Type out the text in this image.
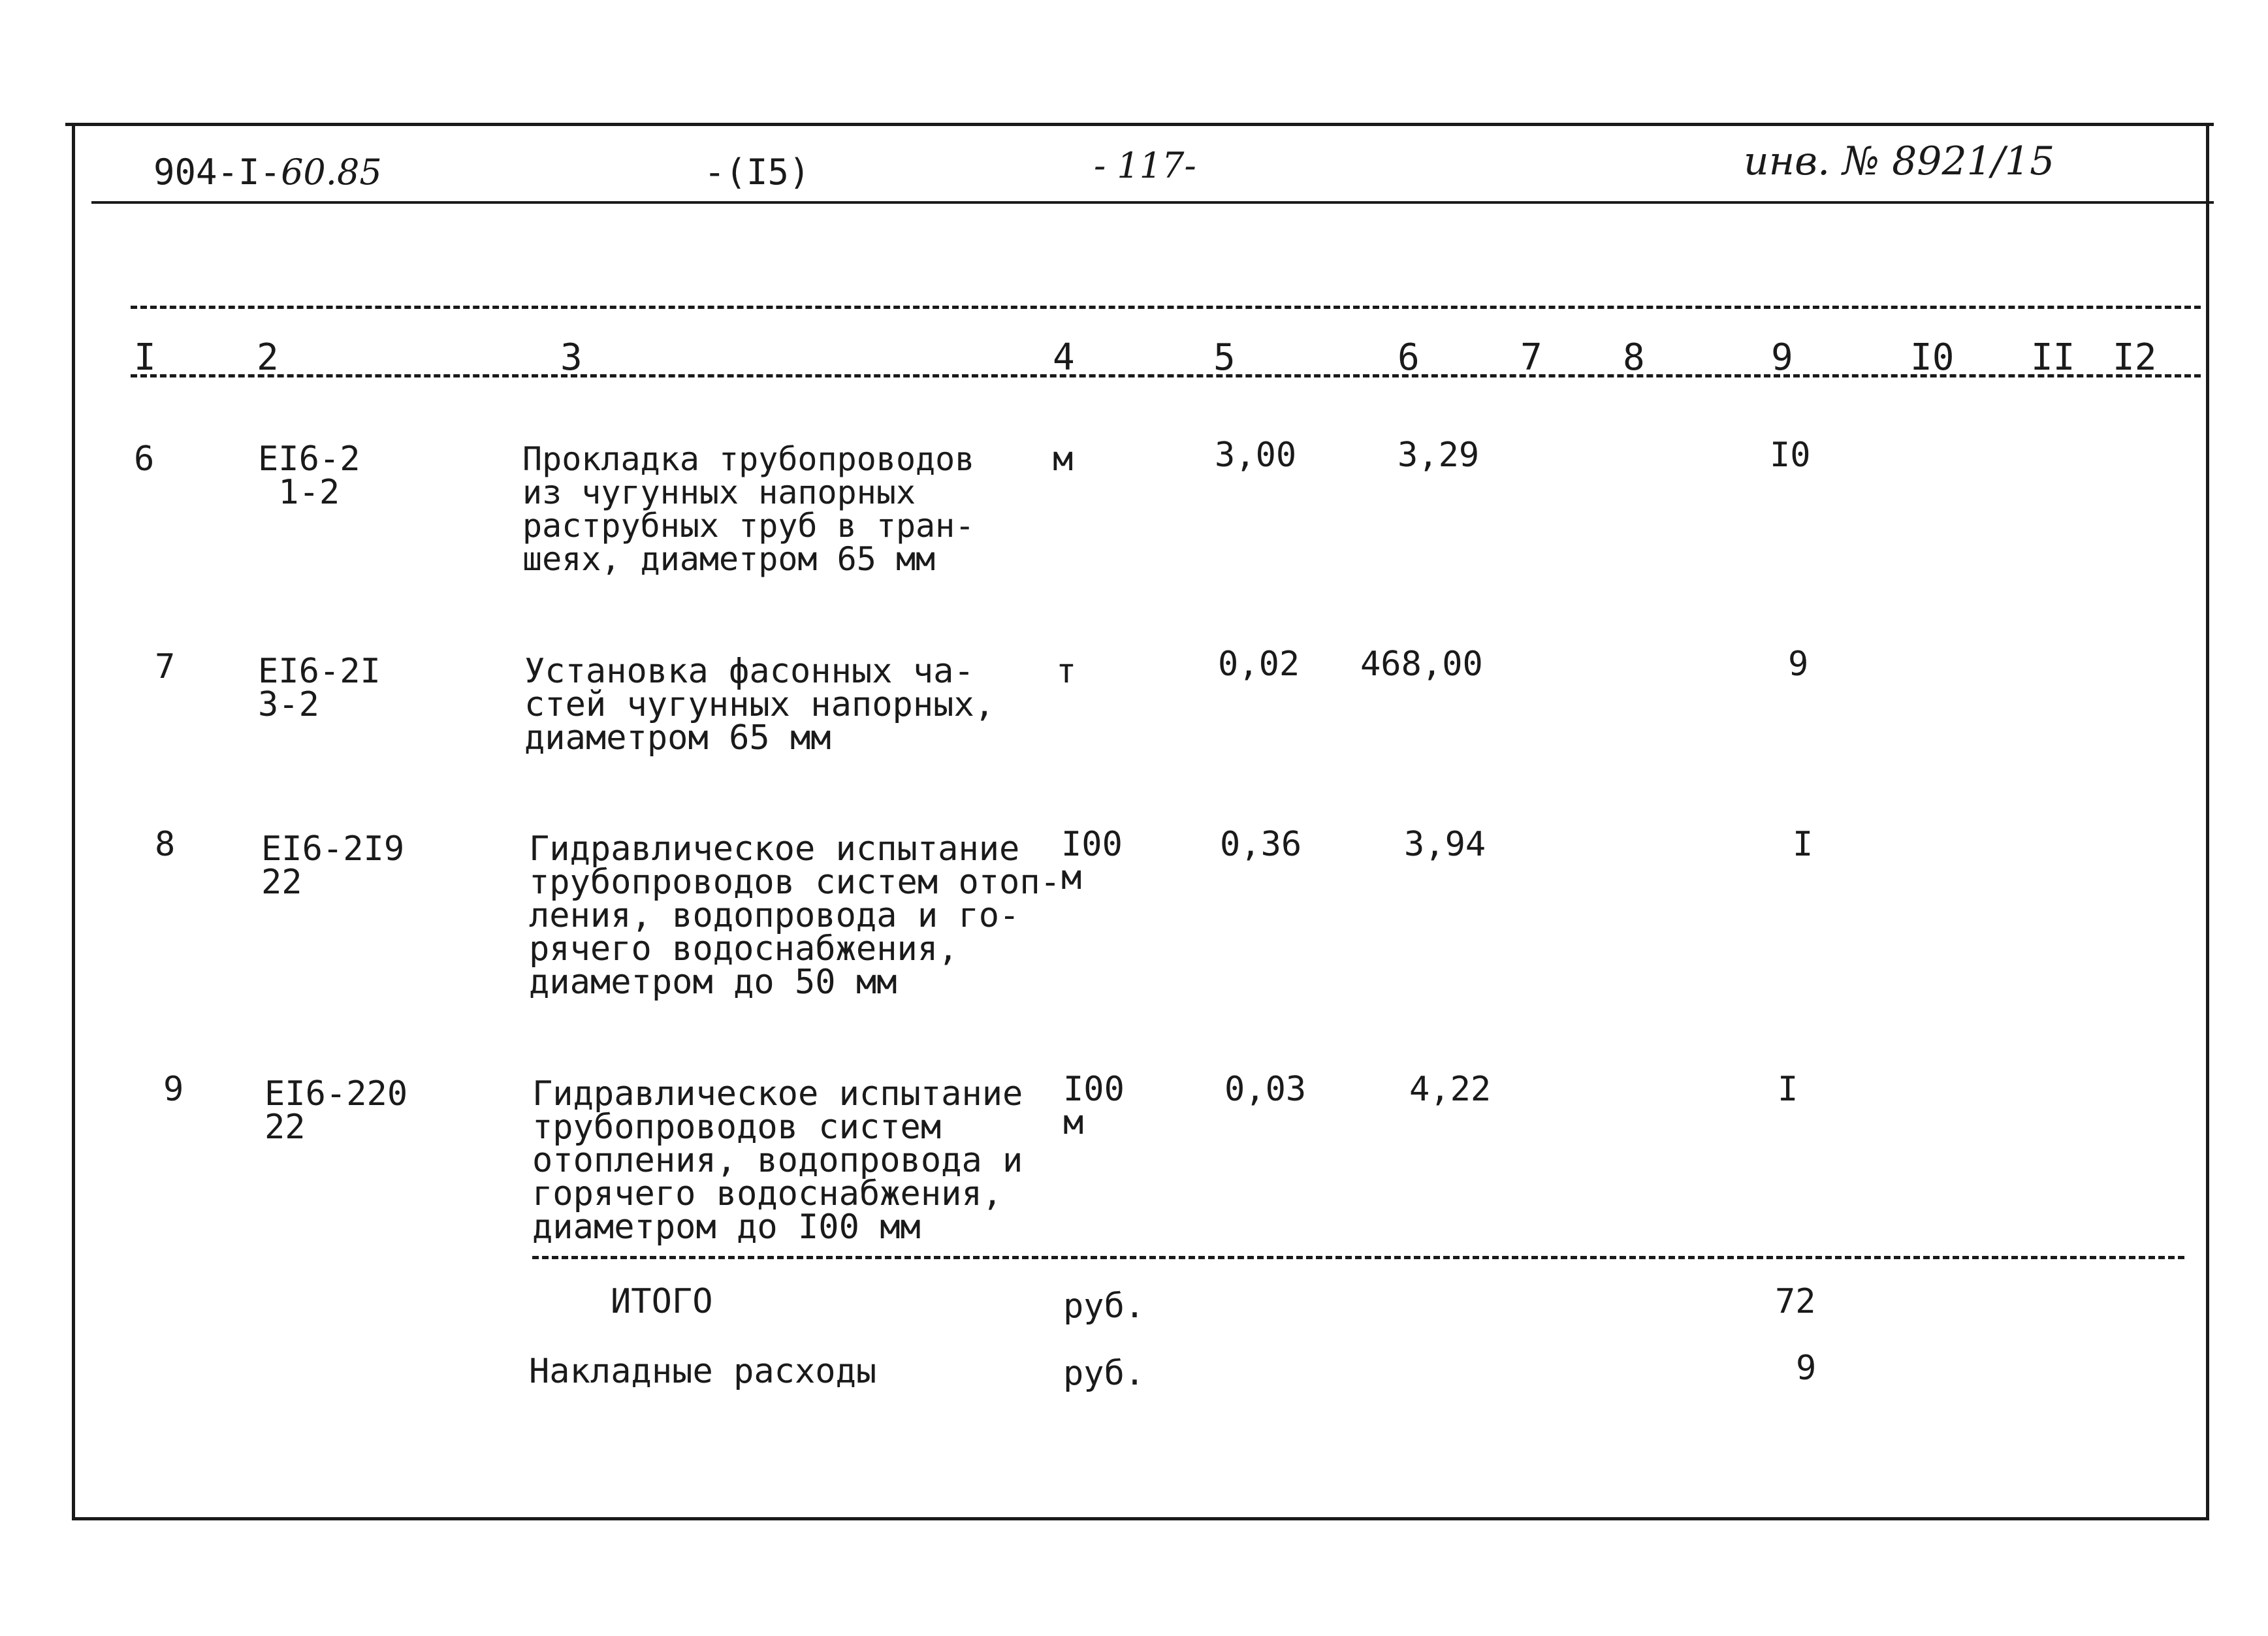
904-I-60.85	-(I5)	- 117-	инв. № 8921/15
I	2	3	4	5	6	7 8	9	I0 II I2
6	EI6-2
1-2
Прокладка трубопроводов
из чугунных напорных
раструбных труб в тран-
шеях, диаметром 65 мм
м	3,00	3,29	I0
7 EI6-2I
3-2
Установка фасонных ча-
стей чугунных напорных,
диаметром 65 мм
т	0,02 468,00	9
8	EI6-2I9
22
Гидравлическое испытание
трубопроводов систем отоп-
ления, водопровода и го-
рячего водоснабжения,
диаметром до 50 мм
I00
м
0,36	3,94	I
9 EI6-220
22
Гидравлическое испытание
трубопроводов систем
отопления, водопровода и
горячего водоснабжения,
диаметром до I00 мм
I00
м
0,03	4,22	I
ИТОГО	руб.	72
Накладные расходы	руб.	9
